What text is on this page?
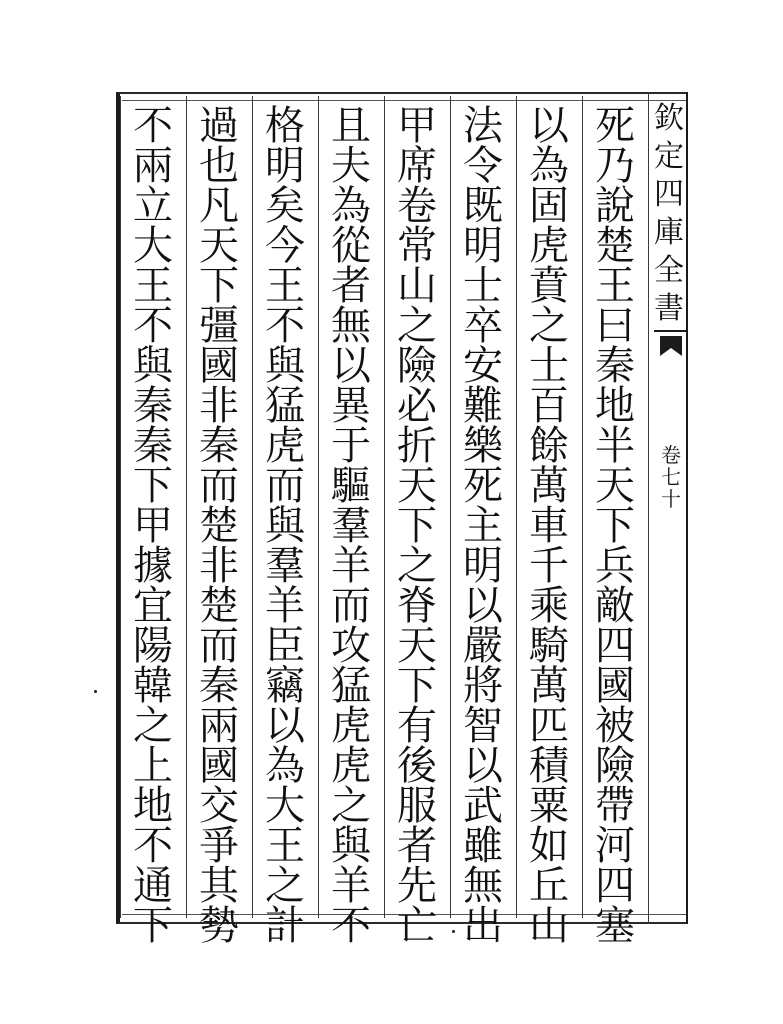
欽
定
四
庫
全
書
卷
七
十
死
乃
說
楚
王
曰
秦
地
半
天
下
兵
敵
四
國
被
險
帶
河
四
塞
以
為
固
虎
賁
之
士
百
餘
萬
車
千
乘
騎
萬
匹
積
粟
如
丘
山
法
令
既
明
士
卒
安
難
樂
死
主
明
以
嚴
將
智
以
武
雖
無
出
甲
席
卷
常
山
之
險
必
折
天
下
之
脊
天
下
有
後
服
者
先
亡
且
夫
為
從
者
無
以
異
于
驅
羣
羊
而
攻
猛
虎
虎
之
與
羊
不
格
明
矣
今
王
不
與
猛
虎
而
與
羣
羊
臣
竊
以
為
大
王
之
計
過
也
凡
天
下
彊
國
非
秦
而
楚
非
楚
而
秦
兩
國
交
爭
其
勢
不
兩
立
大
王
不
與
秦
秦
下
甲
據
宜
陽
韓
之
上
地
不
通
下
